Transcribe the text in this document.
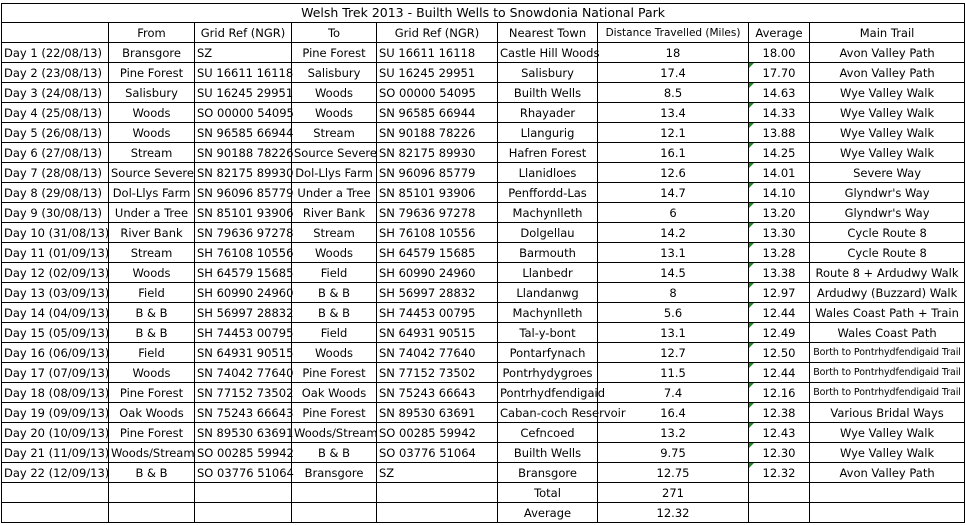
Welsh Trek 2013 - Builth Wells to Snowdonia National Park								
	From	Grid Ref (NGR)	To	Grid Ref (NGR)	Nearest Town	Distance Travelled (Miles)	Average	Main Trail
Day 1 (22/08/13)	Bransgore	SZ	Pine Forest	SU 16611 16118	Castle Hill Woods	18	18.00	Avon Valley Path
Day 2 (23/08/13)	Pine Forest	SU 16611 16118	Salisbury	SU 16245 29951	Salisbury	17.4	17.70	Avon Valley Path
Day 3 (24/08/13)	Salisbury	SU 16245 29951	Woods	SO 00000 54095	Builth Wells	8.5	14.63	Wye Valley Walk
Day 4 (25/08/13)	Woods	SO 00000 54095	Woods	SN 96585 66944	Rhayader	13.4	14.33	Wye Valley Walk
Day 5 (26/08/13)	Woods	SN 96585 66944	Stream	SN 90188 78226	Llangurig	12.1	13.88	Wye Valley Walk
Day 6 (27/08/13)	Stream	SN 90188 78226	Source Severe	SN 82175 89930	Hafren Forest	16.1	14.25	Wye Valley Walk
Day 7 (28/08/13)	Source Severe	SN 82175 89930	Dol-Llys Farm	SN 96096 85779	Llanidloes	12.6	14.01	Severe Way
Day 8 (29/08/13)	Dol-Llys Farm	SN 96096 85779	Under a Tree	SN 85101 93906	Penffordd-Las	14.7	14.10	Glyndwr's Way
Day 9 (30/08/13)	Under a Tree	SN 85101 93906	River Bank	SN 79636 97278	Machynlleth	6	13.20	Glyndwr's Way
Day 10 (31/08/13)	River Bank	SN 79636 97278	Stream	SH 76108 10556	Dolgellau	14.2	13.30	Cycle Route 8
Day 11 (01/09/13)	Stream	SH 76108 10556	Woods	SH 64579 15685	Barmouth	13.1	13.28	Cycle Route 8
Day 12 (02/09/13)	Woods	SH 64579 15685	Field	SH 60990 24960	Llanbedr	14.5	13.38	Route 8 + Ardudwy Walk
Day 13 (03/09/13)	Field	SH 60990 24960	B & B	SH 56997 28832	Llandanwg	8	12.97	Ardudwy (Buzzard) Walk
Day 14 (04/09/13)	B & B	SH 56997 28832	B & B	SH 74453 00795	Machynlleth	5.6	12.44	Wales Coast Path + Train
Day 15 (05/09/13)	B & B	SH 74453 00795	Field	SN 64931 90515	Tal-y-bont	13.1	12.49	Wales Coast Path
Day 16 (06/09/13)	Field	SN 64931 90515	Woods	SN 74042 77640	Pontarfynach	12.7	12.50	Borth to Pontrhydfendigaid Trail
Day 17 (07/09/13)	Woods	SN 74042 77640	Pine Forest	SN 77152 73502	Pontrhydygroes	11.5	12.44	Borth to Pontrhydfendigaid Trail
Day 18 (08/09/13)	Pine Forest	SN 77152 73502	Oak Woods	SN 75243 66643	Pontrhydfendigaid	7.4	12.16	Borth to Pontrhydfendigaid Trail
Day 19 (09/09/13)	Oak Woods	SN 75243 66643	Pine Forest	SN 89530 63691	Caban-coch Reservoir	16.4	12.38	Various Bridal Ways
Day 20 (10/09/13)	Pine Forest	SN 89530 63691	Woods/Stream	SO 00285 59942	Cefncoed	13.2	12.43	Wye Valley Walk
Day 21 (11/09/13)	Woods/Stream	SO 00285 59942	B & B	SO 03776 51064	Builth Wells	9.75	12.30	Wye Valley Walk
Day 22 (12/09/13)	B & B	SO 03776 51064	Bransgore	SZ	Bransgore	12.75	12.32	Avon Valley Path
					Total	271		
					Average	12.32		
